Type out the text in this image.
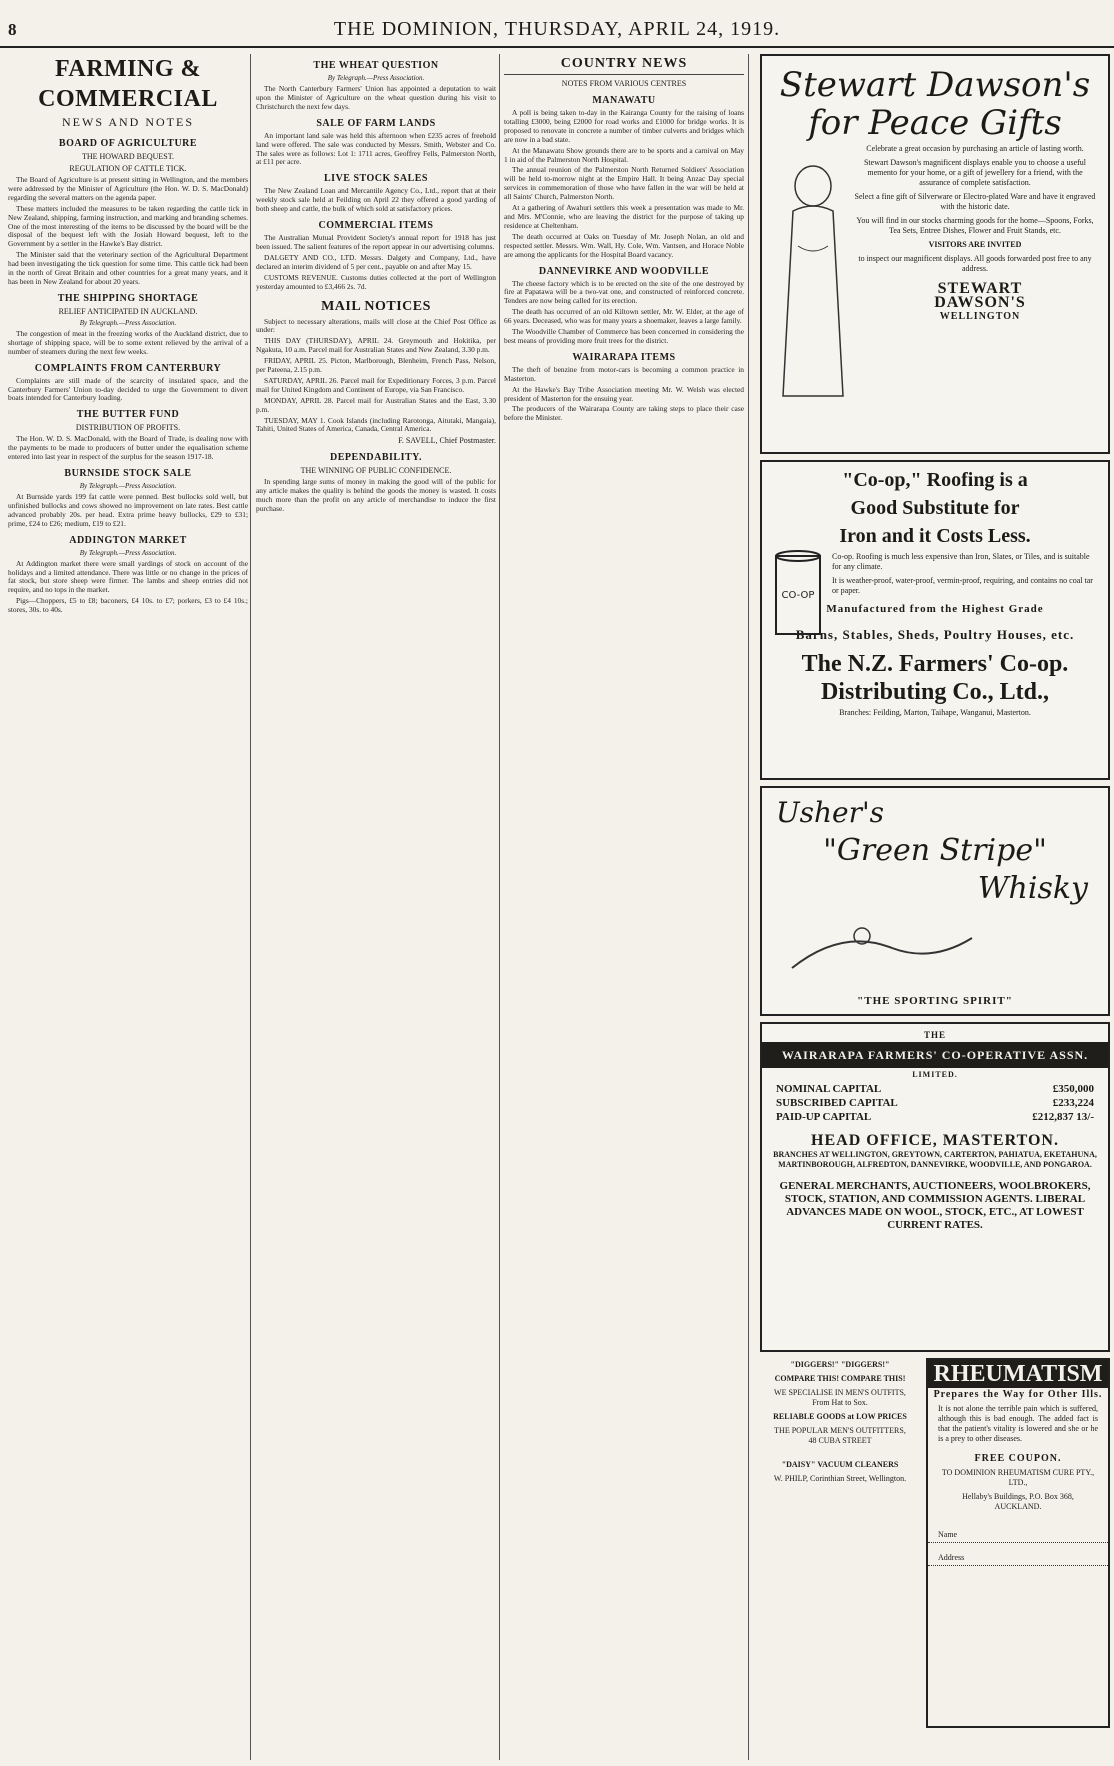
8	THE DOMINION, THURSDAY, APRIL 24, 1919.
FARMING & COMMERCIAL
NEWS AND NOTES
BOARD OF AGRICULTURE
THE HOWARD BEQUEST.
REGULATION OF CATTLE TICK.

The Board of Agriculture is at present sitting in Wellington, and the members were addressed by the Minister of Agriculture (the Hon. W. D. S. MacDonald) regarding the several matters on the agenda paper.

These matters included the measures to be taken regarding the cattle tick in New Zealand, shipping, farming instruction, and marking and branding schemes. One of the most interesting of the items to be discussed by the board will be the disposal of the bequest left with the Josiah Howard bequest, left to the Government by a settler in the Hawke's Bay district.

The Minister said that the veterinary section of the Agricultural Department had been investigating the tick question for some time. This cattle tick had been in the north of Great Britain and other countries for a great many years, and it has been in New Zealand for about 20 years.

THE SHIPPING SHORTAGE
RELIEF ANTICIPATED IN AUCKLAND.
By Telegraph.—Press Association.

The congestion of meat in the freezing works of the Auckland district, due to shortage of shipping space, will be to some extent relieved by the arrival of a number of steamers during the next few weeks.

COMPLAINTS FROM CANTERBURY

Complaints are still made of the scarcity of insulated space, and the Canterbury Farmers' Union to-day decided to urge the Government to divert boats intended for Canterbury loading.

THE BUTTER FUND
DISTRIBUTION OF PROFITS.

The Hon. W. D. S. MacDonald, with the Board of Trade, is dealing now with the payments to be made to producers of butter under the equalisation scheme entered into last year in respect of the surplus for the season 1917-18.

BURNSIDE STOCK SALE
By Telegraph.—Press Association.

At Burnside yards 199 fat cattle were penned. Best bullocks sold well, but unfinished bullocks and cows showed no improvement on late rates. Best cattle advanced probably 20s. per head. Extra prime heavy bullocks, £29 to £31; prime, £24 to £26; medium, £19 to £21.

ADDINGTON MARKET
By Telegraph.—Press Association.

At Addington market there were small yardings of stock on account of the holidays and a limited attendance. There was little or no change in the prices of fat stock, but store sheep were firmer. The lambs and sheep entries did not require, and no tops in the market.

Pigs—Choppers, £5 to £8; baconers, £4 10s. to £7; porkers, £3 to £4 10s.; stores, 30s. to 40s.

THE WHEAT QUESTION
By Telegraph.—Press Association.

The North Canterbury Farmers' Union has appointed a deputation to wait upon the Minister of Agriculture on the wheat question during his visit to Christchurch the next few days.

SALE OF FARM LANDS

An important land sale was held this afternoon when £235 acres of freehold land were offered. The sale was conducted by Messrs. Smith, Webster and Co. The sales were as follows: Lot 1: 1711 acres, Geoffrey Fells, Palmerston North, at £11 per acre.

LIVE STOCK SALES

The New Zealand Loan and Mercantile Agency Co., Ltd., report that at their weekly stock sale held at Feilding on April 22 they offered a good yarding of both sheep and cattle, the bulk of which sold at satisfactory prices.

COMMERCIAL ITEMS

The Australian Mutual Provident Society's annual report for 1918 has just been issued. The salient features of the report appear in our advertising columns.

DALGETY AND CO., LTD. Messrs. Dalgety and Company, Ltd., have declared an interim dividend of 5 per cent., payable on and after May 15.

CUSTOMS REVENUE. Customs duties collected at the port of Wellington yesterday amounted to £3,466 2s. 7d.

MAIL NOTICES

Subject to necessary alterations, mails will close at the Chief Post Office as under:

THIS DAY (THURSDAY), APRIL 24. Greymouth and Hokitika, per Ngakuta, 10 a.m. Parcel mail for Australian States and New Zealand, 3.30 p.m.

FRIDAY, APRIL 25. Picton, Marlborough, Blenheim, French Pass, Nelson, per Pateena, 2.15 p.m.

SATURDAY, APRIL 26. Parcel mail for Expeditionary Forces, 3 p.m. Parcel mail for United Kingdom and Continent of Europe, via San Francisco.

MONDAY, APRIL 28. Parcel mail for Australian States and the East, 3.30 p.m.

TUESDAY, MAY 1. Cook Islands (including Rarotonga, Aitutaki, Mangaia), Tahiti, United States of America, Canada, Central America.

F. SAVELL, Chief Postmaster.
DEPENDABILITY.
THE WINNING OF PUBLIC CONFIDENCE.

In spending large sums of money in making the good will of the public for any article makes the quality is behind the goods the money is wasted. It costs much more than the profit on any article of merchandise to induce the first purchase.

COUNTRY NEWS
NOTES FROM VARIOUS CENTRES
MANAWATU

A poll is being taken to-day in the Kairanga County for the raising of loans totalling £3000, being £2000 for road works and £1000 for bridge works. It is proposed to renovate in concrete a number of timber culverts and bridges which are now in a bad state.

At the Manawatu Show grounds there are to be sports and a carnival on May 1 in aid of the Palmerston North Hospital.

The annual reunion of the Palmerston North Returned Soldiers' Association will be held to-morrow night at the Empire Hall. It being Anzac Day special services in commemoration of those who have fallen in the war will be held at all Saints' Church, Palmerston North.

At a gathering of Awahuri settlers this week a presentation was made to Mr. and Mrs. M'Connie, who are leaving the district for the purpose of taking up residence at Cheltenham.

The death occurred at Oaks on Tuesday of Mr. Joseph Nolan, an old and respected settler. Messrs. Wm. Wall, Hy. Cole, Wm. Vantsen, and Horace Noble are among the applicants for the Hospital Board vacancy.

DANNEVIRKE AND WOODVILLE

The cheese factory which is to be erected on the site of the one destroyed by fire at Papatawa will be a two-vat one, and constructed of reinforced concrete. Tenders are now being called for its erection.

The death has occurred of an old Kiltown settler, Mr. W. Elder, at the age of 66 years. Deceased, who was for many years a shoemaker, leaves a large family.

The Woodville Chamber of Commerce has been concerned in considering the best means of providing more fruit trees for the district.

WAIRARAPA ITEMS

The theft of benzine from motor-cars is becoming a common practice in Masterton.

At the Hawke's Bay Tribe Association meeting Mr. W. Welsh was elected president of Masterton for the ensuing year.

The producers of the Wairarapa County are taking steps to place their case before the Minister.

Stewart Dawson's
for Peace Gifts
Celebrate a great occasion by purchasing an article of lasting worth.
Stewart Dawson's magnificent displays enable you to choose a useful memento for your home, or a gift of jewellery for a friend, with the assurance of complete satisfaction.
Select a fine gift of Silverware or Electro-plated Ware and have it engraved with the historic date.
You will find in our stocks charming goods for the home—Spoons, Forks, Tea Sets, Entree Dishes, Flower and Fruit Stands, etc.
VISITORS ARE INVITED
to inspect our magnificent displays. All goods forwarded post free to any address.
STEWART
DAWSON'S
WELLINGTON
"Co-op," Roofing is a
Good Substitute for
Iron and it Costs Less.
Co-op. Roofing is much less expensive than Iron, Slates, or Tiles, and is suitable for any climate.
It is weather-proof, water-proof, vermin-proof, requiring, and contains no coal tar or paper.
Manufactured from the Highest Grade
Barns, Stables, Sheds, Poultry Houses, etc.
The N.Z. Farmers' Co-op.
Distributing Co., Ltd.,
Branches: Feilding, Marton, Taihape, Wanganui, Masterton.
CO-OP
Usher's
"Green Stripe"
Whisky
"THE SPORTING SPIRIT"
THE
WAIRARAPA FARMERS' CO-OPERATIVE ASSN.
LIMITED.
NOMINAL CAPITAL	£350,000
SUBSCRIBED CAPITAL	£233,224
PAID-UP CAPITAL	£212,837 13/-
HEAD OFFICE, MASTERTON.
BRANCHES AT WELLINGTON, GREYTOWN, CARTERTON, PAHIATUA, EKETAHUNA, MARTINBOROUGH, ALFREDTON, DANNEVIRKE, WOODVILLE, AND PONGAROA.
GENERAL MERCHANTS, AUCTIONEERS, WOOLBROKERS, STOCK, STATION, AND COMMISSION AGENTS. LIBERAL ADVANCES MADE ON WOOL, STOCK, ETC., AT LOWEST CURRENT RATES.
"DIGGERS!" "DIGGERS!"
COMPARE THIS! COMPARE THIS!
WE SPECIALISE IN MEN'S OUTFITS, From Hat to Sox.
RELIABLE GOODS at LOW PRICES
THE POPULAR MEN'S OUTFITTERS, 48 CUBA STREET
"DAISY" VACUUM CLEANERS
W. PHILP, Corinthian Street, Wellington.
RHEUMATISM
Prepares the Way for Other Ills.
It is not alone the terrible pain which is suffered, although this is bad enough. The added fact is that the patient's vitality is lowered and she or he is a prey to other diseases.
FREE COUPON.
TO DOMINION RHEUMATISM CURE PTY., LTD.,
Hellaby's Buildings, P.O. Box 368, AUCKLAND.
Name
Address
